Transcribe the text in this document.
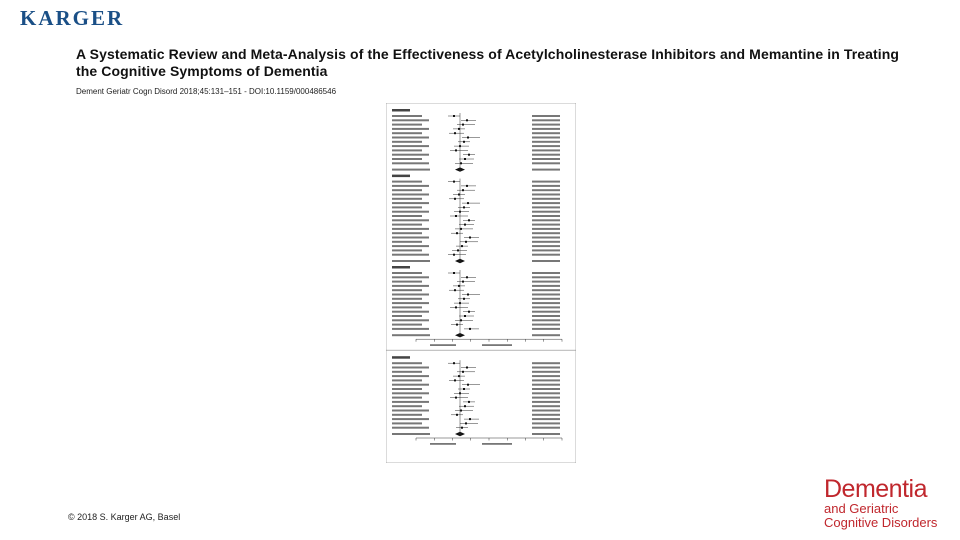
KARGER
A Systematic Review and Meta-Analysis of the Effectiveness of Acetylcholinesterase Inhibitors and Memantine in Treating the Cognitive Symptoms of Dementia
Dement Geriatr Cogn Disord 2018;45:131–151 - DOI:10.1159/000486546
© 2018 S. Karger AG, Basel
Dementia
and Geriatric
Cognitive Disorders
